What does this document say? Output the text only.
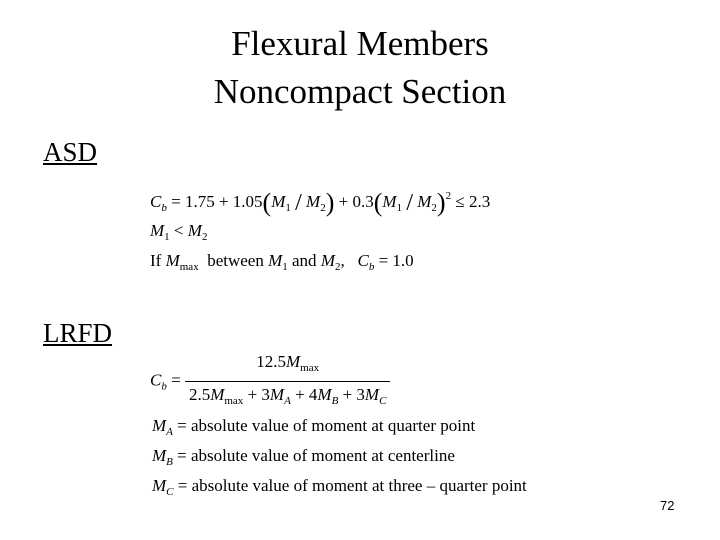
Flexural Members
Noncompact Section
ASD
$C_b = 1.75 + 1.05(M_1 / M_2) + 0.3(M_1 / M_2)^2 \le 2.3$
$M_1 < M_2$
If $M_{max}$ between $M_1$ and $M_2$, $C_b = 1.0$
LRFD
$C_b = \frac{12.5M_{max}}{2.5M_{max} + 3M_A + 4M_B + 3M_C}$
$M_A$ = absolute value of moment at quarter point
$M_B$ = absolute value of moment at centerline
$M_C$ = absolute value of moment at three – quarter point
72
